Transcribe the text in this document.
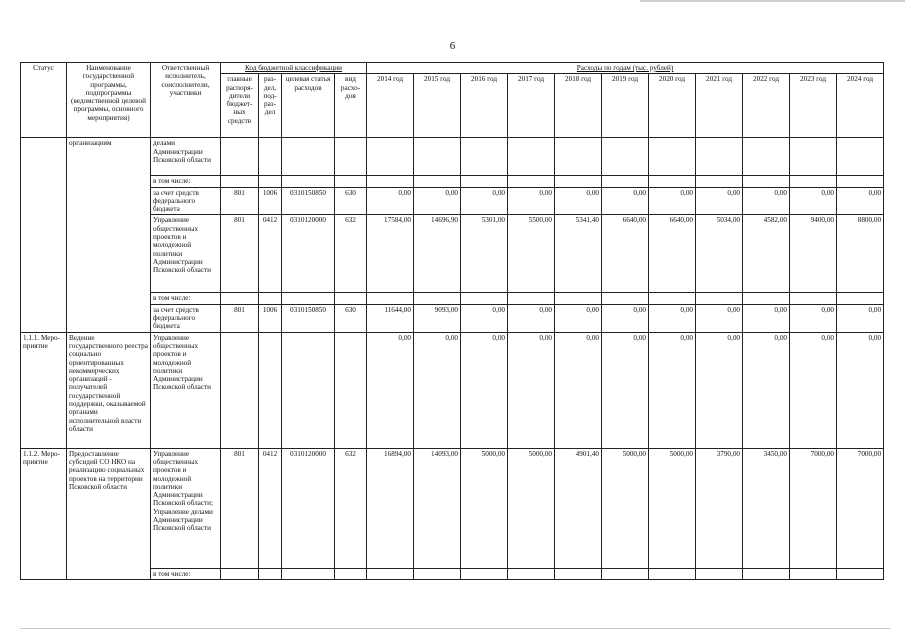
6
Статус	Наименование государственной программы, подпрограммы (ведомственной целевой программы, основного мероприятия)	Ответственный исполнитель, соисполнители, участники	Код бюджетной классификации				Расходы по годам (тыс. рублей)										
			главные распоря-дители бюджет-ных средств	раз-дел, под-раз-дел	целевая статья расходов	вид расхо-дов	2014 год	2015 год	2016 год	2017 год	2018 год	2019 год	2020 год	2021 год	2022 год	2023 год	2024 год
	организациям	делами Администрации Псковской области															
		в том числе:															
		за счет средств федерального бюджета	801	1006	0310150850	630	0,00	0,00	0,00	0,00	0,00	0,00	0,00	0,00	0,00	0,00	0,00
		Управление общественных проектов и молодежной политики Администрации Псковской области	801	0412	0310120000	632	17584,00	14696,90	5301,00	5500,00	5341,40	6640,00	6640,00	5034,00	4582,00	9400,00	8800,00
		в том числе:															
		за счет средств федерального бюджета	801	1006	0310150850	630	11644,00	9093,00	0,00	0,00	0,00	0,00	0,00	0,00	0,00	0,00	0,00
1.1.1. Меро-приятие	Ведение государственного реестра социально ориентированных некоммерческих организаций - получателей государственной поддержки, оказываемой органами исполнительной власти области	Управление общественных проектов и молодежной политики Администрации Псковской области					0,00	0,00	0,00	0,00	0,00	0,00	0,00	0,00	0,00	0,00	0,00
1.1.2. Меро-приятие	Предоставление субсидий СО НКО на реализацию социальных проектов на территории Псковской области	Управление общественных проектов и молодежной политики Администрации Псковской области; Управление делами Администрации Псковской области	801	0412	0310120000	632	16894,00	14093,00	5000,00	5000,00	4901,40	5000,00	5000,00	3790,00	3450,00	7000,00	7000,00
		в том числе:															
